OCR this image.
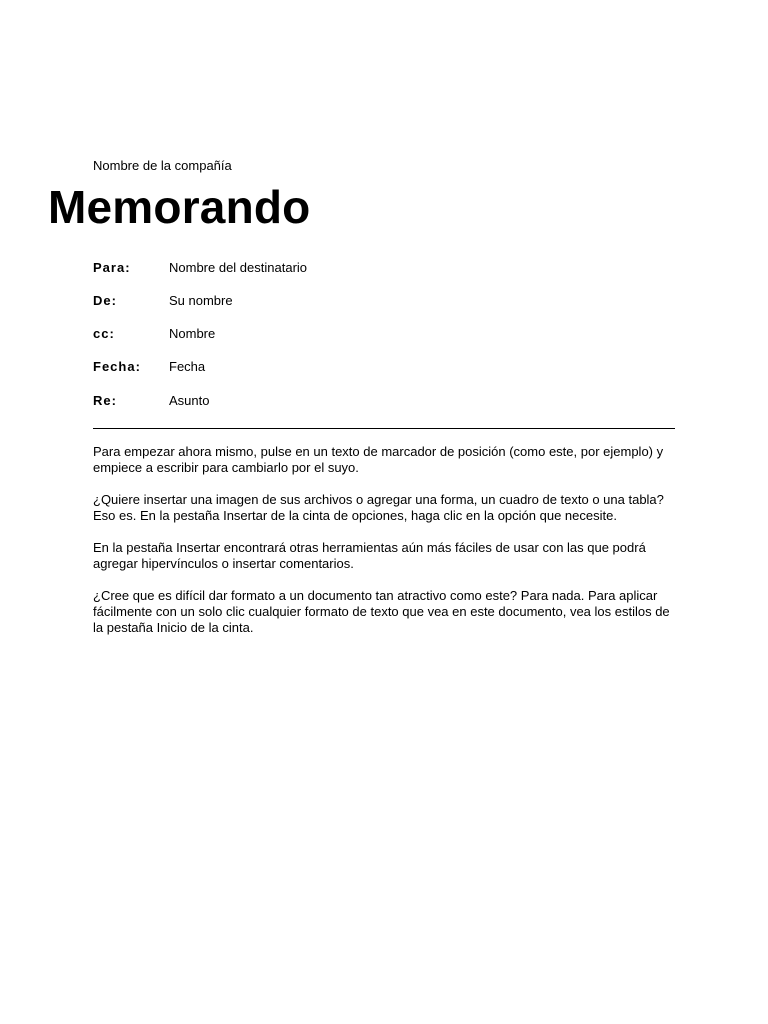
Nombre de la compañía
Memorando
Para:	Nombre del destinatario
De:	Su nombre
cc:	Nombre
Fecha: Fecha
Re:	Asunto

Para empezar ahora mismo, pulse en un texto de marcador de posición (como este, por ejemplo) y empiece a escribir para cambiarlo por el suyo.

¿Quiere insertar una imagen de sus archivos o agregar una forma, un cuadro de texto o una tabla? Eso es. En la pestaña Insertar de la cinta de opciones, haga clic en la opción que necesite.

En la pestaña Insertar encontrará otras herramientas aún más fáciles de usar con las que podrá agregar hipervínculos o insertar comentarios.

¿Cree que es difícil dar formato a un documento tan atractivo como este? Para nada. Para aplicar fácilmente con un solo clic cualquier formato de texto que vea en este documento, vea los estilos de la pestaña Inicio de la cinta.
